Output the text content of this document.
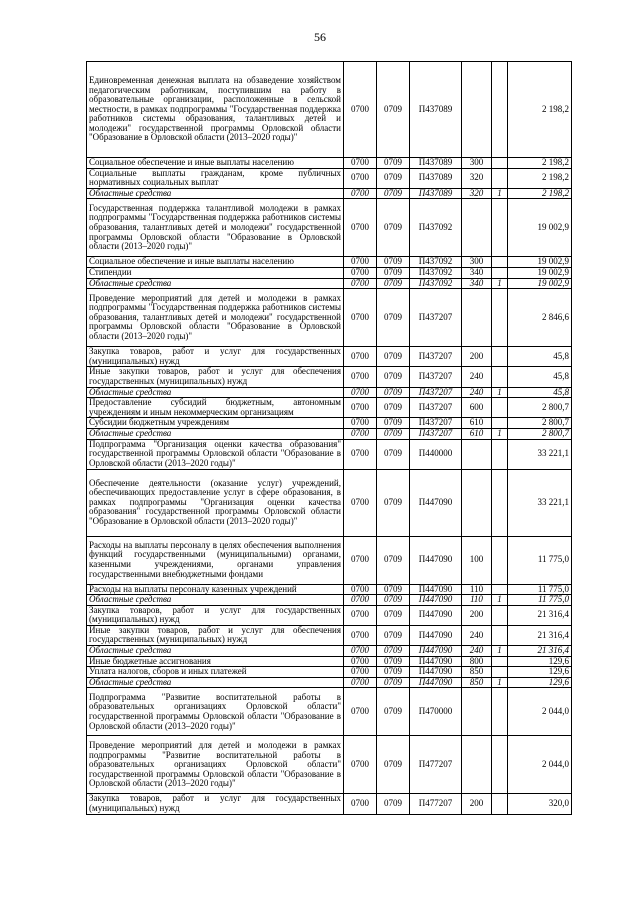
56
Единовременная денежная выплата на обзаведение хозяйством педагогическим работникам, поступившим на работу в образовательные организации, расположенные в сельской местности, в рамках подпрограммы "Государственная поддержка работников системы образования, талантливых детей и молодежи" государственной программы Орловской области "Образование в Орловской области (2013–2020 годы)"	0700	0709	П437089			2 198,2
Социальное обеспечение и иные выплаты населению	0700	0709	П437089	300		2 198,2
Социальные выплаты гражданам, кроме публичных нормативных социальных выплат	0700	0709	П437089	320		2 198,2
Областные средства	0700	0709	П437089	320	1	2 198,2
Государственная поддержка талантливой молодежи в рамках подпрограммы "Государственная поддержка работников системы образования, талантливых детей и молодежи" государственной программы Орловской области "Образование в Орловской области (2013–2020 годы)"	0700	0709	П437092			19 002,9
Социальное обеспечение и иные выплаты населению	0700	0709	П437092	300		19 002,9
Стипендии	0700	0709	П437092	340		19 002,9
Областные средства	0700	0709	П437092	340	1	19 002,9
Проведение мероприятий для детей и молодежи в рамках подпрограммы "Государственная поддержка работников системы образования, талантливых детей и молодежи" государственной программы Орловской области "Образование в Орловской области (2013–2020 годы)"	0700	0709	П437207			2 846,6
Закупка товаров, работ и услуг для государственных (муниципальных) нужд	0700	0709	П437207	200		45,8
Иные закупки товаров, работ и услуг для обеспечения государственных (муниципальных) нужд	0700	0709	П437207	240		45,8
Областные средства	0700	0709	П437207	240	1	45,8
Предоставление субсидий бюджетным, автономным учреждениям и иным некоммерческим организациям	0700	0709	П437207	600		2 800,7
Субсидии бюджетным учреждениям	0700	0709	П437207	610		2 800,7
Областные средства	0700	0709	П437207	610	1	2 800,7
Подпрограмма "Организация оценки качества образования" государственной программы Орловской области "Образование в Орловской области (2013–2020 годы)"	0700	0709	П440000			33 221,1
Обеспечение деятельности (оказание услуг) учреждений, обеспечивающих предоставление услуг в сфере образования, в рамках подпрограммы "Организация оценки качества образования" государственной программы Орловской области "Образование в Орловской области (2013–2020 годы)"	0700	0709	П447090			33 221,1
Расходы на выплаты персоналу в целях обеспечения выполнения функций государственными (муниципальными) органами, казенными учреждениями, органами управления государственными внебюджетными фондами	0700	0709	П447090	100		11 775,0
Расходы на выплаты персоналу казенных учреждений	0700	0709	П447090	110		11 775,0
Областные средства	0700	0709	П447090	110	1	11 775,0
Закупка товаров, работ и услуг для государственных (муниципальных) нужд	0700	0709	П447090	200		21 316,4
Иные закупки товаров, работ и услуг для обеспечения государственных (муниципальных) нужд	0700	0709	П447090	240		21 316,4
Областные средства	0700	0709	П447090	240	1	21 316,4
Иные бюджетные ассигнования	0700	0709	П447090	800		129,6
Уплата налогов, сборов и иных платежей	0700	0709	П447090	850		129,6
Областные средства	0700	0709	П447090	850	1	129,6
Подпрограмма "Развитие воспитательной работы в образовательных организациях Орловской области" государственной программы Орловской области "Образование в Орловской области (2013–2020 годы)"	0700	0709	П470000			2 044,0
Проведение мероприятий для детей и молодежи в рамках подпрограммы "Развитие воспитательной работы в образовательных организациях Орловской области" государственной программы Орловской области "Образование в Орловской области (2013–2020 годы)"	0700	0709	П477207			2 044,0
Закупка товаров, работ и услуг для государственных (муниципальных) нужд	0700	0709	П477207	200		320,0
